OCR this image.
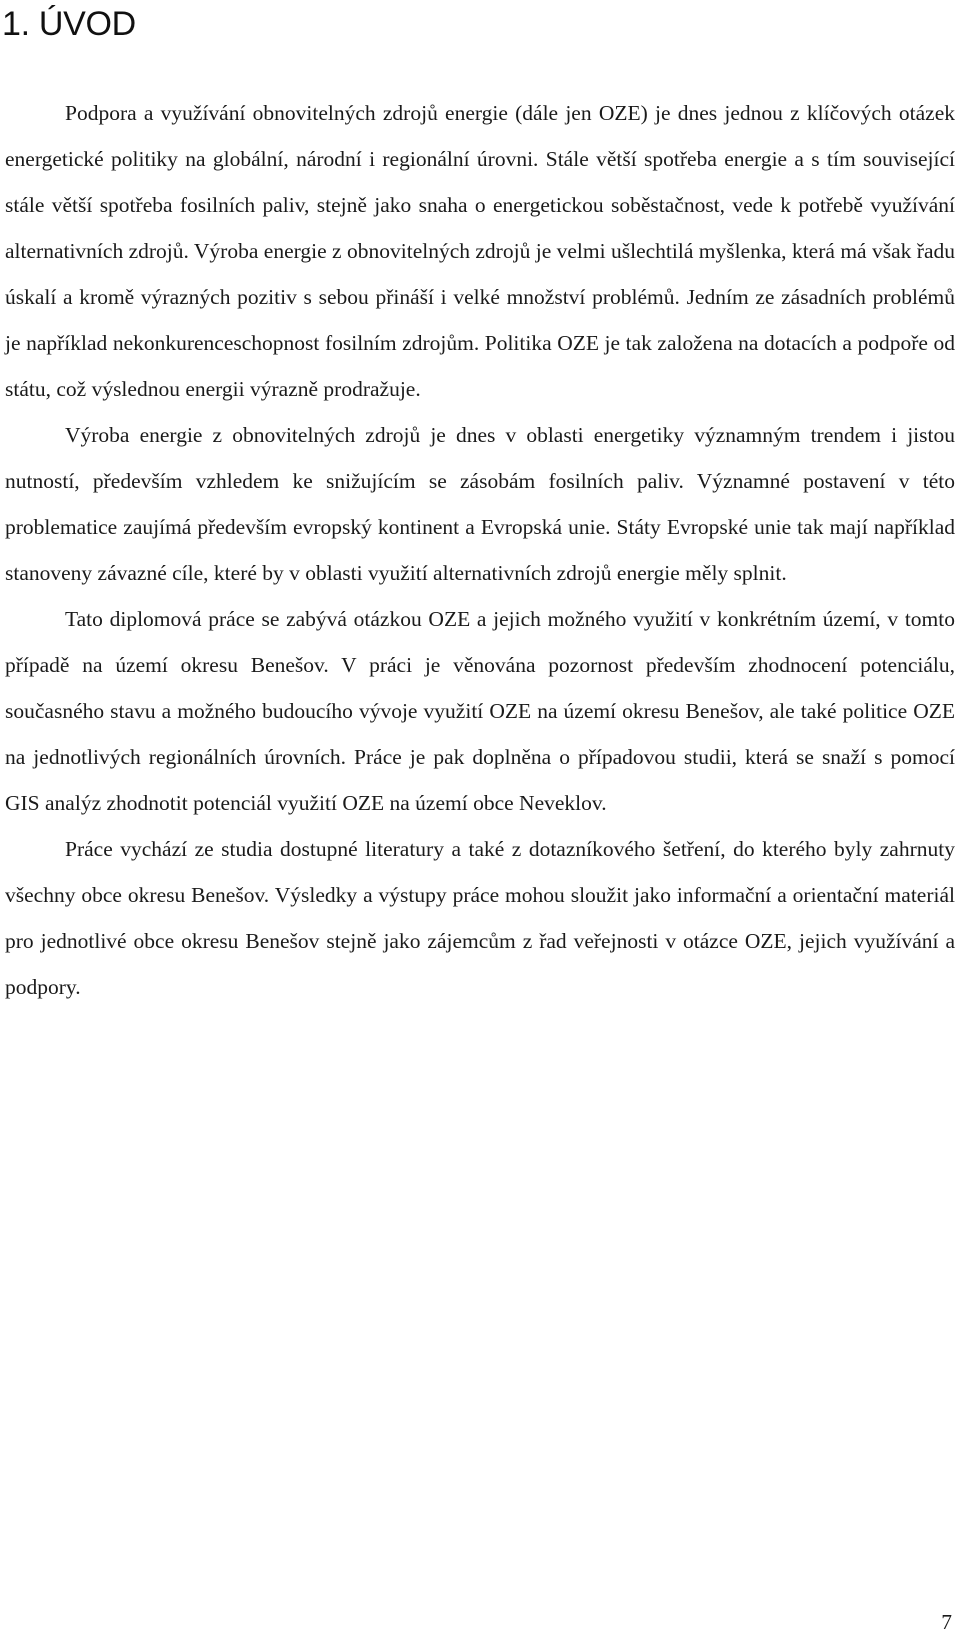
1. ÚVOD

Podpora a využívání obnovitelných zdrojů energie (dále jen OZE) je dnes jednou z klíčových otázek energetické politiky na globální, národní i regionální úrovni. Stále větší spotřeba energie a s tím související stále větší spotřeba fosilních paliv, stejně jako snaha o energetickou soběstačnost, vede k potřebě využívání alternativních zdrojů. Výroba energie z obnovitelných zdrojů je velmi ušlechtilá myšlenka, která má však řadu úskalí a kromě výrazných pozitiv s sebou přináší i velké množství problémů. Jedním ze zásadních problémů je například nekonkurenceschopnost fosilním zdrojům. Politika OZE je tak založena na dotacích a podpoře od státu, což výslednou energii výrazně prodražuje.

Výroba energie z obnovitelných zdrojů je dnes v oblasti energetiky významným trendem i jistou nutností, především vzhledem ke snižujícím se zásobám fosilních paliv. Významné postavení v této problematice zaujímá především evropský kontinent a Evropská unie. Státy Evropské unie tak mají například stanoveny závazné cíle, které by v oblasti využití alternativních zdrojů energie měly splnit.

Tato diplomová práce se zabývá otázkou OZE a jejich možného využití v konkrétním území, v tomto případě na území okresu Benešov. V práci je věnována pozornost především zhodnocení potenciálu, současného stavu a možného budoucího vývoje využití OZE na území okresu Benešov, ale také politice OZE na jednotlivých regionálních úrovních. Práce je pak doplněna o případovou studii, která se snaží s pomocí GIS analýz zhodnotit potenciál využití OZE na území obce Neveklov.

Práce vychází ze studia dostupné literatury a také z dotazníkového šetření, do kterého byly zahrnuty všechny obce okresu Benešov. Výsledky a výstupy práce mohou sloužit jako informační a orientační materiál pro jednotlivé obce okresu Benešov stejně jako zájemcům z řad veřejnosti v otázce OZE, jejich využívání a podpory.

7
